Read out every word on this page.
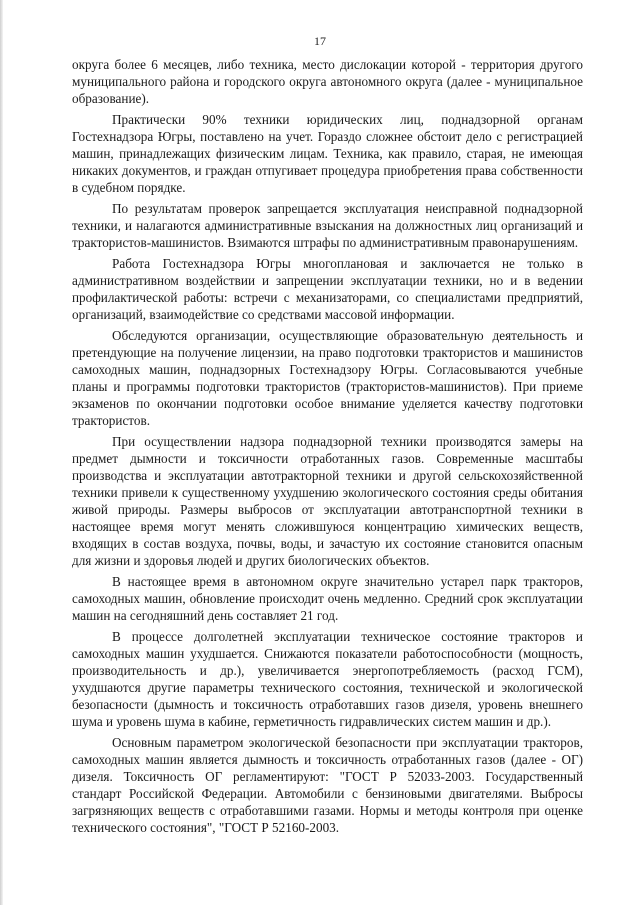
17

округа более 6 месяцев, либо техника, место дислокации которой - территория другого муниципального района и городского округа автономного округа (далее - муниципальное образование).

Практически 90% техники юридических лиц, поднадзорной органам Гостехнадзора Югры, поставлено на учет. Гораздо сложнее обстоит дело с регистрацией машин, принадлежащих физическим лицам. Техника, как правило, старая, не имеющая никаких документов, и граждан отпугивает процедура приобретения права собственности в судебном порядке.

По результатам проверок запрещается эксплуатация неисправной поднадзорной техники, и налагаются административные взыскания на должностных лиц организаций и трактористов-машинистов. Взимаются штрафы по административным правонарушениям.

Работа Гостехнадзора Югры многоплановая и заключается не только в административном воздействии и запрещении эксплуатации техники, но и в ведении профилактической работы: встречи с механизаторами, со специалистами предприятий, организаций, взаимодействие со средствами массовой информации.

Обследуются организации, осуществляющие образовательную деятельность и претендующие на получение лицензии, на право подготовки трактористов и машинистов самоходных машин, поднадзорных Гостехнадзору Югры. Согласовываются учебные планы и программы подготовки трактористов (трактористов-машинистов). При приеме экзаменов по окончании подготовки особое внимание уделяется качеству подготовки трактористов.

При осуществлении надзора поднадзорной техники производятся замеры на предмет дымности и токсичности отработанных газов. Современные масштабы производства и эксплуатации автотракторной техники и другой сельскохозяйственной техники привели к существенному ухудшению экологического состояния среды обитания живой природы. Размеры выбросов от эксплуатации автотранспортной техники в настоящее время могут менять сложившуюся концентрацию химических веществ, входящих в состав воздуха, почвы, воды, и зачастую их состояние становится опасным для жизни и здоровья людей и других биологических объектов.

В настоящее время в автономном округе значительно устарел парк тракторов, самоходных машин, обновление происходит очень медленно. Средний срок эксплуатации машин на сегодняшний день составляет 21 год.

В процессе долголетней эксплуатации техническое состояние тракторов и самоходных машин ухудшается. Снижаются показатели работоспособности (мощность, производительность и др.), увеличивается энергопотребляемость (расход ГСМ), ухудшаются другие параметры технического состояния, технической и экологической безопасности (дымность и токсичность отработавших газов дизеля, уровень внешнего шума и уровень шума в кабине, герметичность гидравлических систем машин и др.).

Основным параметром экологической безопасности при эксплуатации тракторов, самоходных машин является дымность и токсичность отработанных газов (далее - ОГ) дизеля. Токсичность ОГ регламентируют: "ГОСТ Р 52033-2003. Государственный стандарт Российской Федерации. Автомобили с бензиновыми двигателями. Выбросы загрязняющих веществ с отработавшими газами. Нормы и методы контроля при оценке технического состояния", "ГОСТ Р 52160-2003.
